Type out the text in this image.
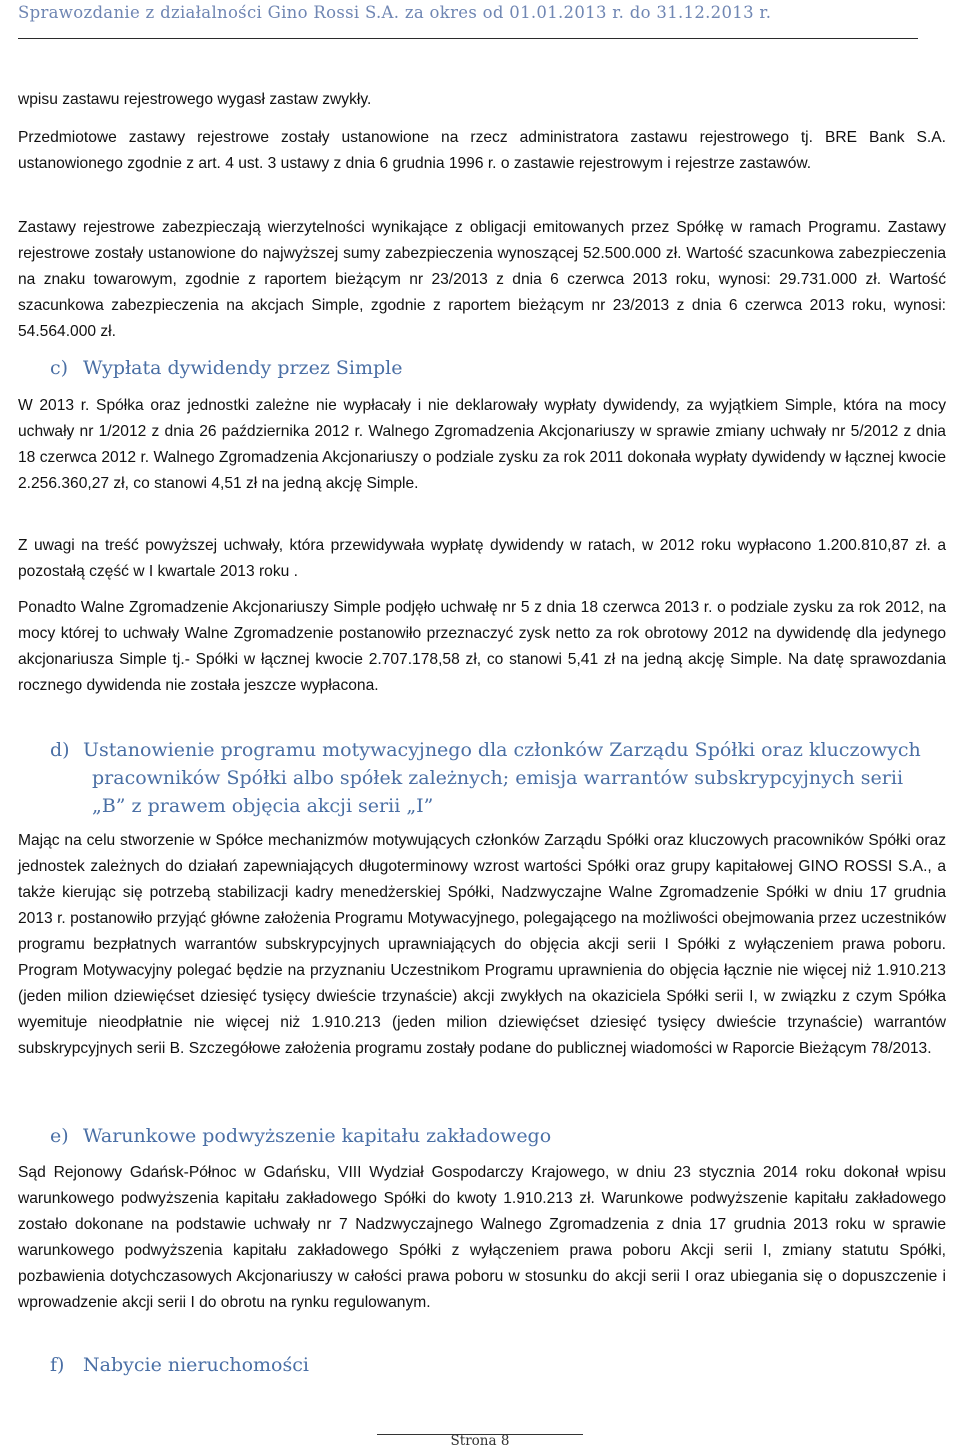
Sprawozdanie z działalności Gino Rossi S.A. za okres od 01.01.2013 r. do 31.12.2013 r.

wpisu zastawu rejestrowego wygasł zastaw zwykły.

Przedmiotowe zastawy rejestrowe zostały ustanowione na rzecz administratora zastawu rejestrowego tj. BRE Bank S.A. ustanowionego zgodnie z art. 4 ust. 3 ustawy z dnia 6 grudnia 1996 r. o zastawie rejestrowym i rejestrze zastawów.

Zastawy rejestrowe zabezpieczają wierzytelności wynikające z obligacji emitowanych przez Spółkę w ramach Programu. Zastawy rejestrowe zostały ustanowione do najwyższej sumy zabezpieczenia wynoszącej 52.500.000 zł. Wartość szacunkowa zabezpieczenia na znaku towarowym, zgodnie z raportem bieżącym nr 23/2013 z dnia 6 czerwca 2013 roku, wynosi: 29.731.000 zł. Wartość szacunkowa zabezpieczenia na akcjach Simple, zgodnie z raportem bieżącym nr 23/2013 z dnia 6 czerwca 2013 roku, wynosi: 54.564.000 zł.

c) Wypłata dywidendy przez Simple

W 2013 r. Spółka oraz jednostki zależne nie wypłacały i nie deklarowały wypłaty dywidendy, za wyjątkiem Simple, która na mocy uchwały nr 1/2012 z dnia 26 października 2012 r. Walnego Zgromadzenia Akcjonariuszy w sprawie zmiany uchwały nr 5/2012 z dnia 18 czerwca 2012 r. Walnego Zgromadzenia Akcjonariuszy o podziale zysku za rok 2011 dokonała wypłaty dywidendy w łącznej kwocie 2.256.360,27 zł, co stanowi 4,51 zł na jedną akcję Simple.

Z uwagi na treść powyższej uchwały, która przewidywała wypłatę dywidendy w ratach, w 2012 roku wypłacono 1.200.810,87 zł. a pozostałą część w I kwartale 2013 roku .

Ponadto Walne Zgromadzenie Akcjonariuszy Simple podjęło uchwałę nr 5 z dnia 18 czerwca 2013 r. o podziale zysku za rok 2012, na mocy której to uchwały Walne Zgromadzenie postanowiło przeznaczyć zysk netto za rok obrotowy 2012 na dywidendę dla jedynego akcjonariusza Simple tj.- Spółki w łącznej kwocie 2.707.178,58 zł, co stanowi 5,41 zł na jedną akcję Simple. Na datę sprawozdania rocznego dywidenda nie została jeszcze wypłacona.

d) Ustanowienie programu motywacyjnego dla członków Zarządu Spółki oraz kluczowych
pracowników Spółki albo spółek zależnych; emisja warrantów subskrypcyjnych serii
„B” z prawem objęcia akcji serii „I”

Mając na celu stworzenie w Spółce mechanizmów motywujących członków Zarządu Spółki oraz kluczowych pracowników Spółki oraz jednostek zależnych do działań zapewniających długoterminowy wzrost wartości Spółki oraz grupy kapitałowej GINO ROSSI S.A., a także kierując się potrzebą stabilizacji kadry menedżerskiej Spółki, Nadzwyczajne Walne Zgromadzenie Spółki w dniu 17 grudnia 2013 r. postanowiło przyjąć główne założenia Programu Motywacyjnego, polegającego na możliwości obejmowania przez uczestników programu bezpłatnych warrantów subskrypcyjnych uprawniających do objęcia akcji serii I Spółki z wyłączeniem prawa poboru. Program Motywacyjny polegać będzie na przyznaniu Uczestnikom Programu uprawnienia do objęcia łącznie nie więcej niż 1.910.213 (jeden milion dziewięćset dziesięć tysięcy dwieście trzynaście) akcji zwykłych na okaziciela Spółki serii I, w związku z czym Spółka wyemituje nieodpłatnie nie więcej niż 1.910.213 (jeden milion dziewięćset dziesięć tysięcy dwieście trzynaście) warrantów subskrypcyjnych serii B. Szczegółowe założenia programu zostały podane do publicznej wiadomości w Raporcie Bieżącym 78/2013.

e) Warunkowe podwyższenie kapitału zakładowego

Sąd Rejonowy Gdańsk-Północ w Gdańsku, VIII Wydział Gospodarczy Krajowego, w dniu 23 stycznia 2014 roku dokonał wpisu warunkowego podwyższenia kapitału zakładowego Spółki do kwoty 1.910.213 zł. Warunkowe podwyższenie kapitału zakładowego zostało dokonane na podstawie uchwały nr 7 Nadzwyczajnego Walnego Zgromadzenia z dnia 17 grudnia 2013 roku w sprawie warunkowego podwyższenia kapitału zakładowego Spółki z wyłączeniem prawa poboru Akcji serii I, zmiany statutu Spółki, pozbawienia dotychczasowych Akcjonariuszy w całości prawa poboru w stosunku do akcji serii I oraz ubiegania się o dopuszczenie i wprowadzenie akcji serii I do obrotu na rynku regulowanym.

f) Nabycie nieruchomości
Strona 8
